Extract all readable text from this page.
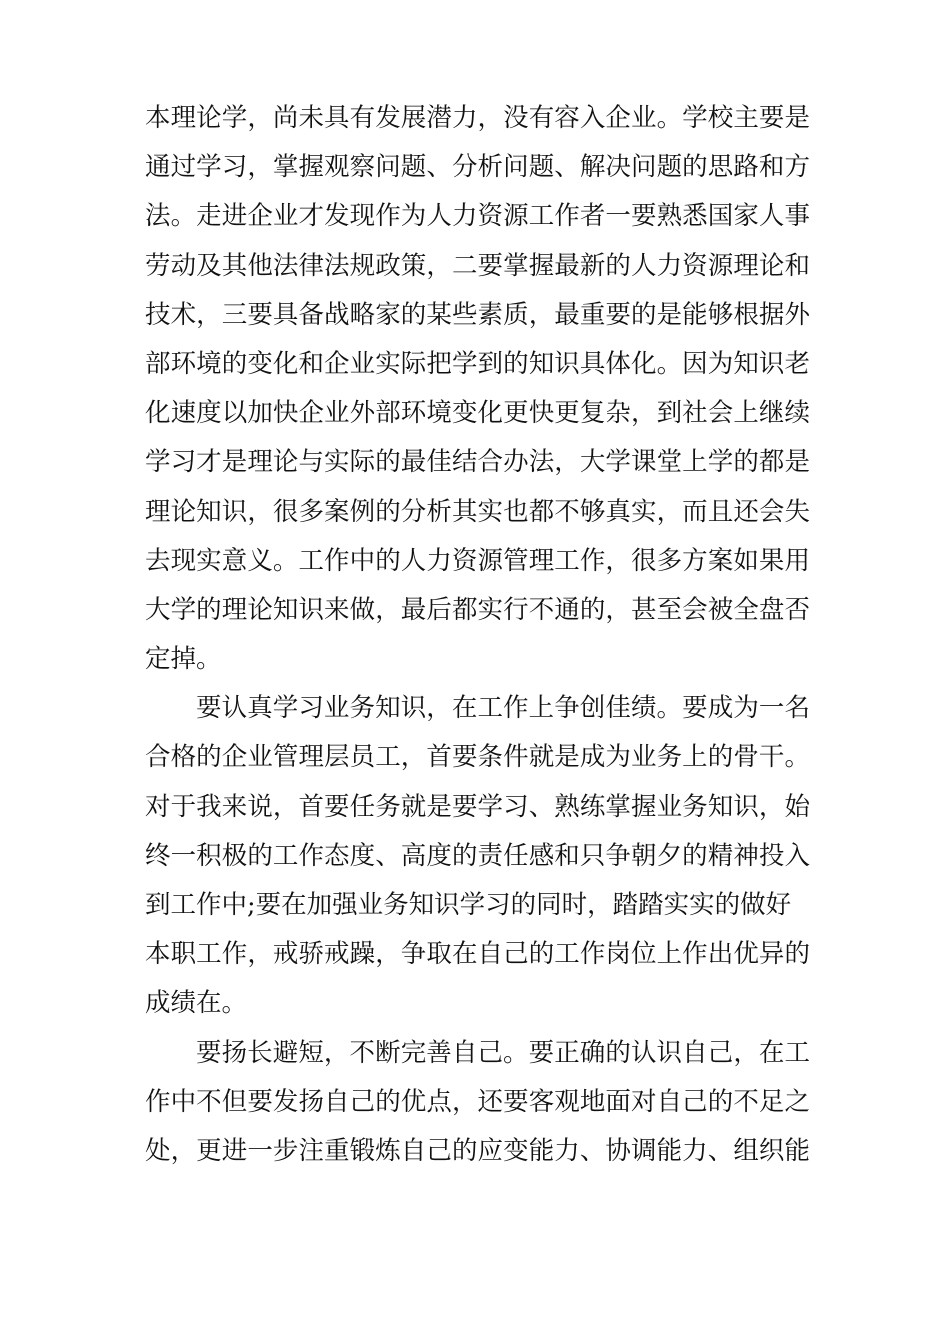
本理论学，尚未具有发展潜力，没有容入企业。学校主要是
通过学习，掌握观察问题、分析问题、解决问题的思路和方
法。走进企业才发现作为人力资源工作者一要熟悉国家人事
劳动及其他法律法规政策，二要掌握最新的人力资源理论和
技术，三要具备战略家的某些素质，最重要的是能够根据外
部环境的变化和企业实际把学到的知识具体化。因为知识老
化速度以加快企业外部环境变化更快更复杂，到社会上继续
学习才是理论与实际的最佳结合办法，大学课堂上学的都是
理论知识，很多案例的分析其实也都不够真实，而且还会失
去现实意义。工作中的人力资源管理工作，很多方案如果用
大学的理论知识来做，最后都实行不通的，甚至会被全盘否
定掉。
要认真学习业务知识，在工作上争创佳绩。要成为一名
合格的企业管理层员工，首要条件就是成为业务上的骨干。
对于我来说，首要任务就是要学习、熟练掌握业务知识，始
终一积极的工作态度、高度的责任感和只争朝夕的精神投入
到工作中;要在加强业务知识学习的同时，踏踏实实的做好
本职工作，戒骄戒躁，争取在自己的工作岗位上作出优异的
成绩在。
要扬长避短，不断完善自己。要正确的认识自己，在工
作中不但要发扬自己的优点，还要客观地面对自己的不足之
处，更进一步注重锻炼自己的应变能力、协调能力、组织能
